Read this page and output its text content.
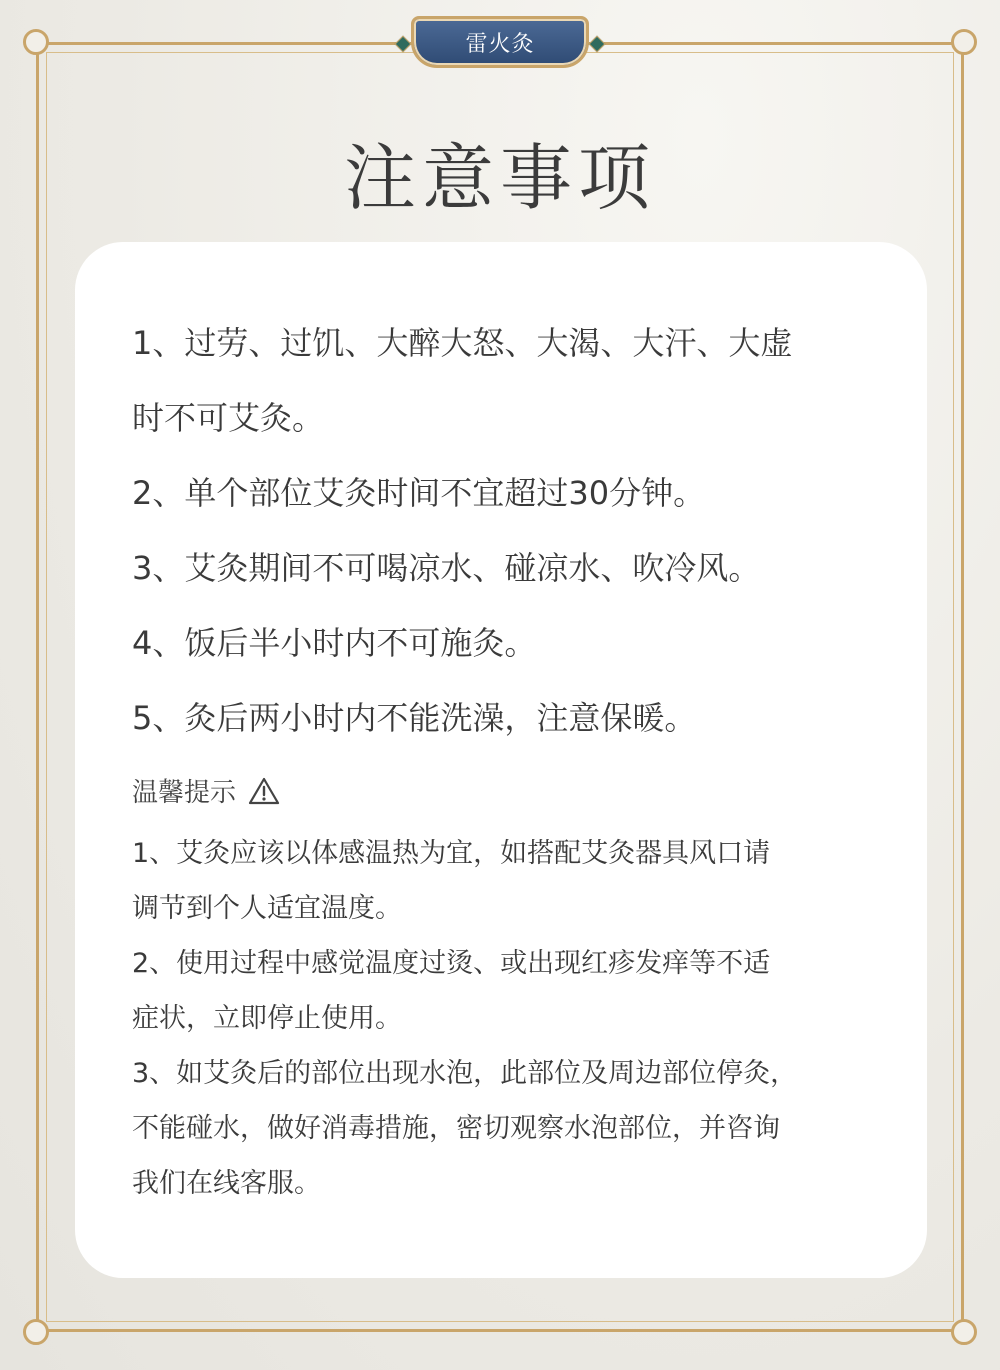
雷火灸
注意事项

1、过劳、过饥、大醉大怒、大渴、大汗、大虚

时不可艾灸。

2、单个部位艾灸时间不宜超过30分钟。

3、艾灸期间不可喝凉水、碰凉水、吹冷风。

4、饭后半小时内不可施灸。

5、灸后两小时内不能洗澡，注意保暖。

温馨提示

1、艾灸应该以体感温热为宜，如搭配艾灸器具风口请

调节到个人适宜温度。

2、使用过程中感觉温度过烫、或出现红疹发痒等不适

症状，立即停止使用。

3、如艾灸后的部位出现水泡，此部位及周边部位停灸，

不能碰水，做好消毒措施，密切观察水泡部位，并咨询

我们在线客服。
